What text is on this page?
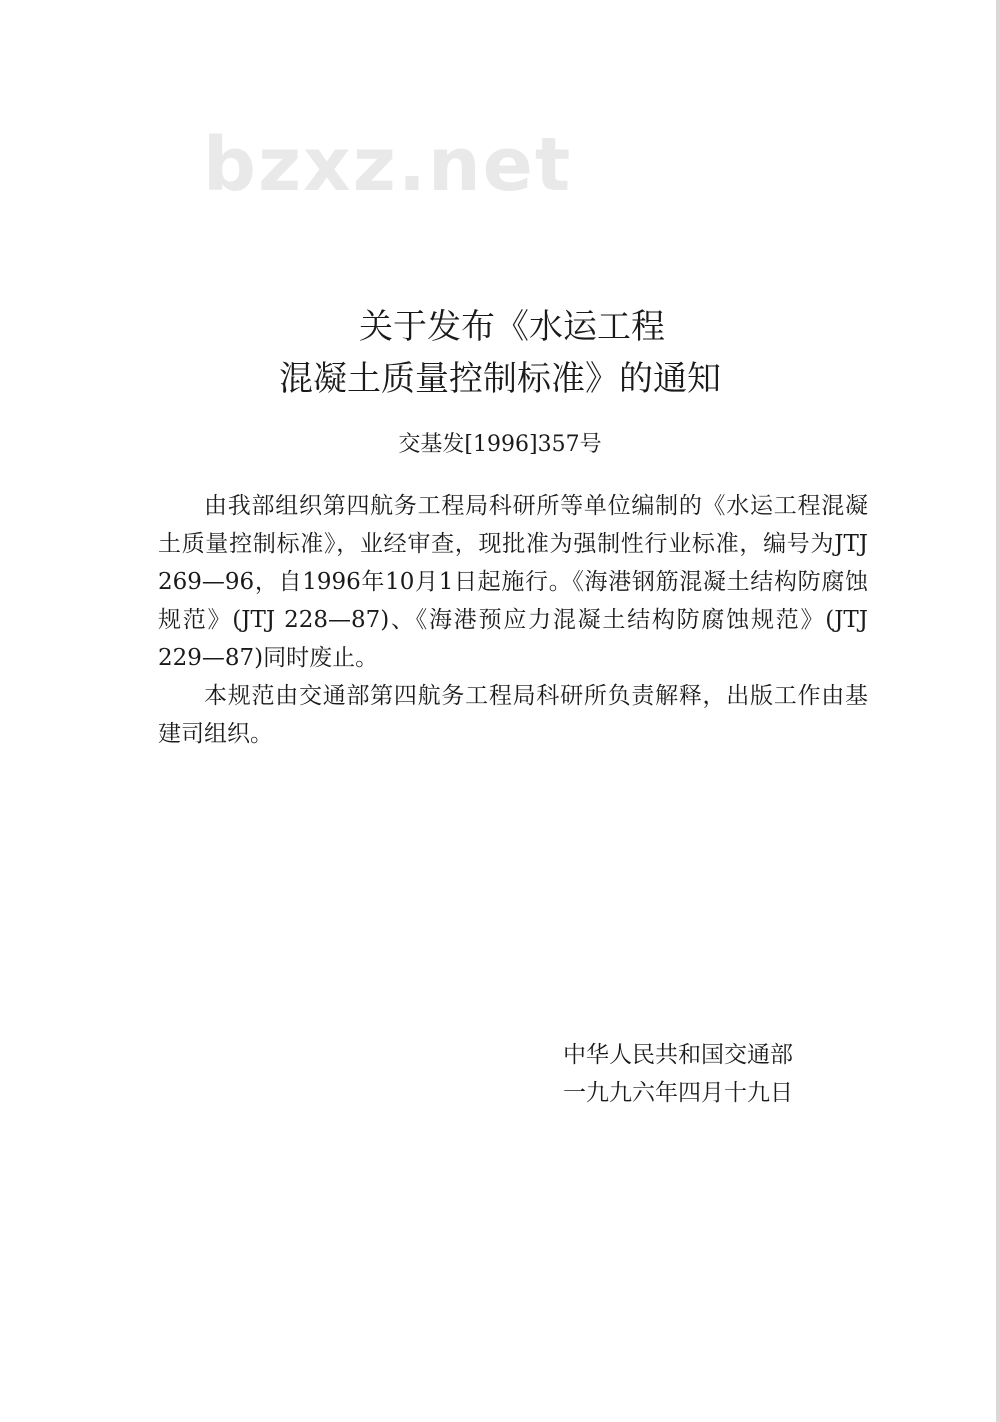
bzxz.net
关于发布《水运工程
混凝土质量控制标准》的通知
交基发[1996]357号

由我部组织第四航务工程局科研所等单位编制的《水运工程混凝土质量控制标准》，业经审查，现批准为强制性行业标准，编号为JTJ 269—96，自1996年10月1日起施行。《海港钢筋混凝土结构防腐蚀规范》(JTJ 228—87)、《海港预应力混凝土结构防腐蚀规范》(JTJ 229—87)同时废止。

本规范由交通部第四航务工程局科研所负责解释，出版工作由基建司组织。

中华人民共和国交通部
一九九六年四月十九日
